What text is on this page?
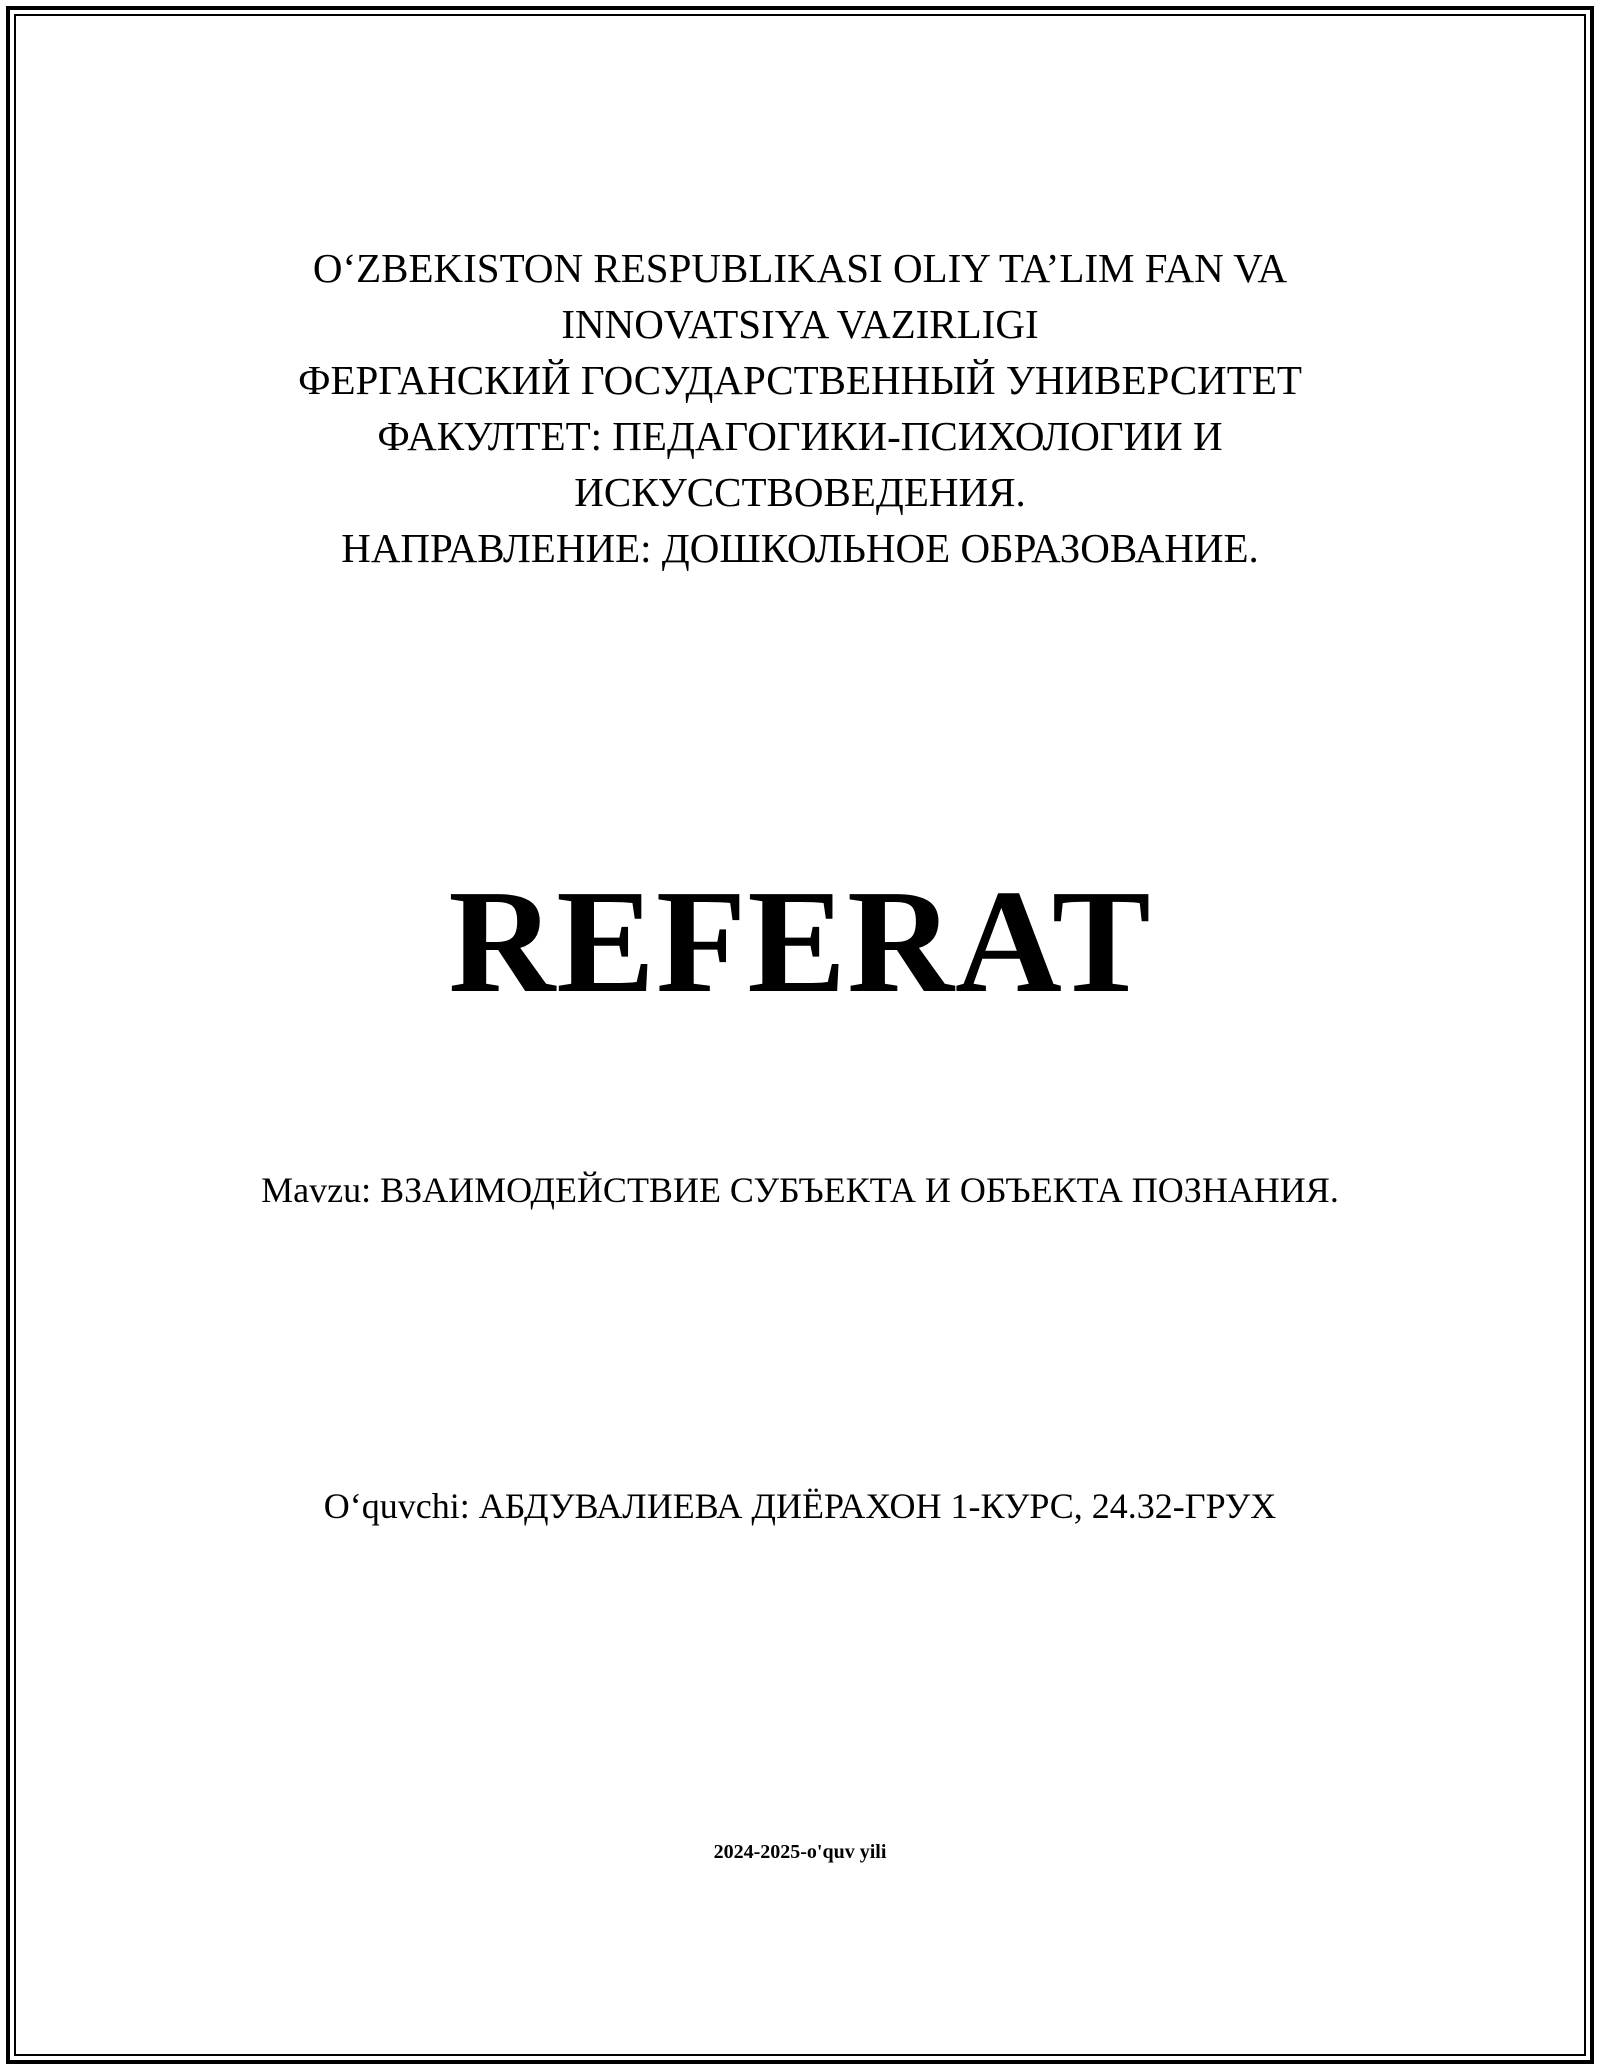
O‘ZBEKISTON RESPUBLIKASI OLIY TA’LIM FAN VA
INNOVATSIYA VAZIRLIGI
ФЕРГАНСКИЙ ГОСУДАРСТВЕННЫЙ УНИВЕРСИТЕТ
ФАКУЛТЕТ: ПЕДАГОГИКИ-ПСИХОЛОГИИ И
ИСКУССТВОВЕДЕНИЯ.
НАПРАВЛЕНИЕ: ДОШКОЛЬНОЕ ОБРАЗОВАНИЕ.
REFERAT
Mavzu: ВЗАИМОДЕЙСТВИЕ СУБЪЕКТА И ОБЪЕКТА ПОЗНАНИЯ.
O‘quvchi: АБДУВАЛИЕВА ДИЁРАХОН 1-КУРС, 24.32-ГРУХ
2024-2025-o'quv yili
